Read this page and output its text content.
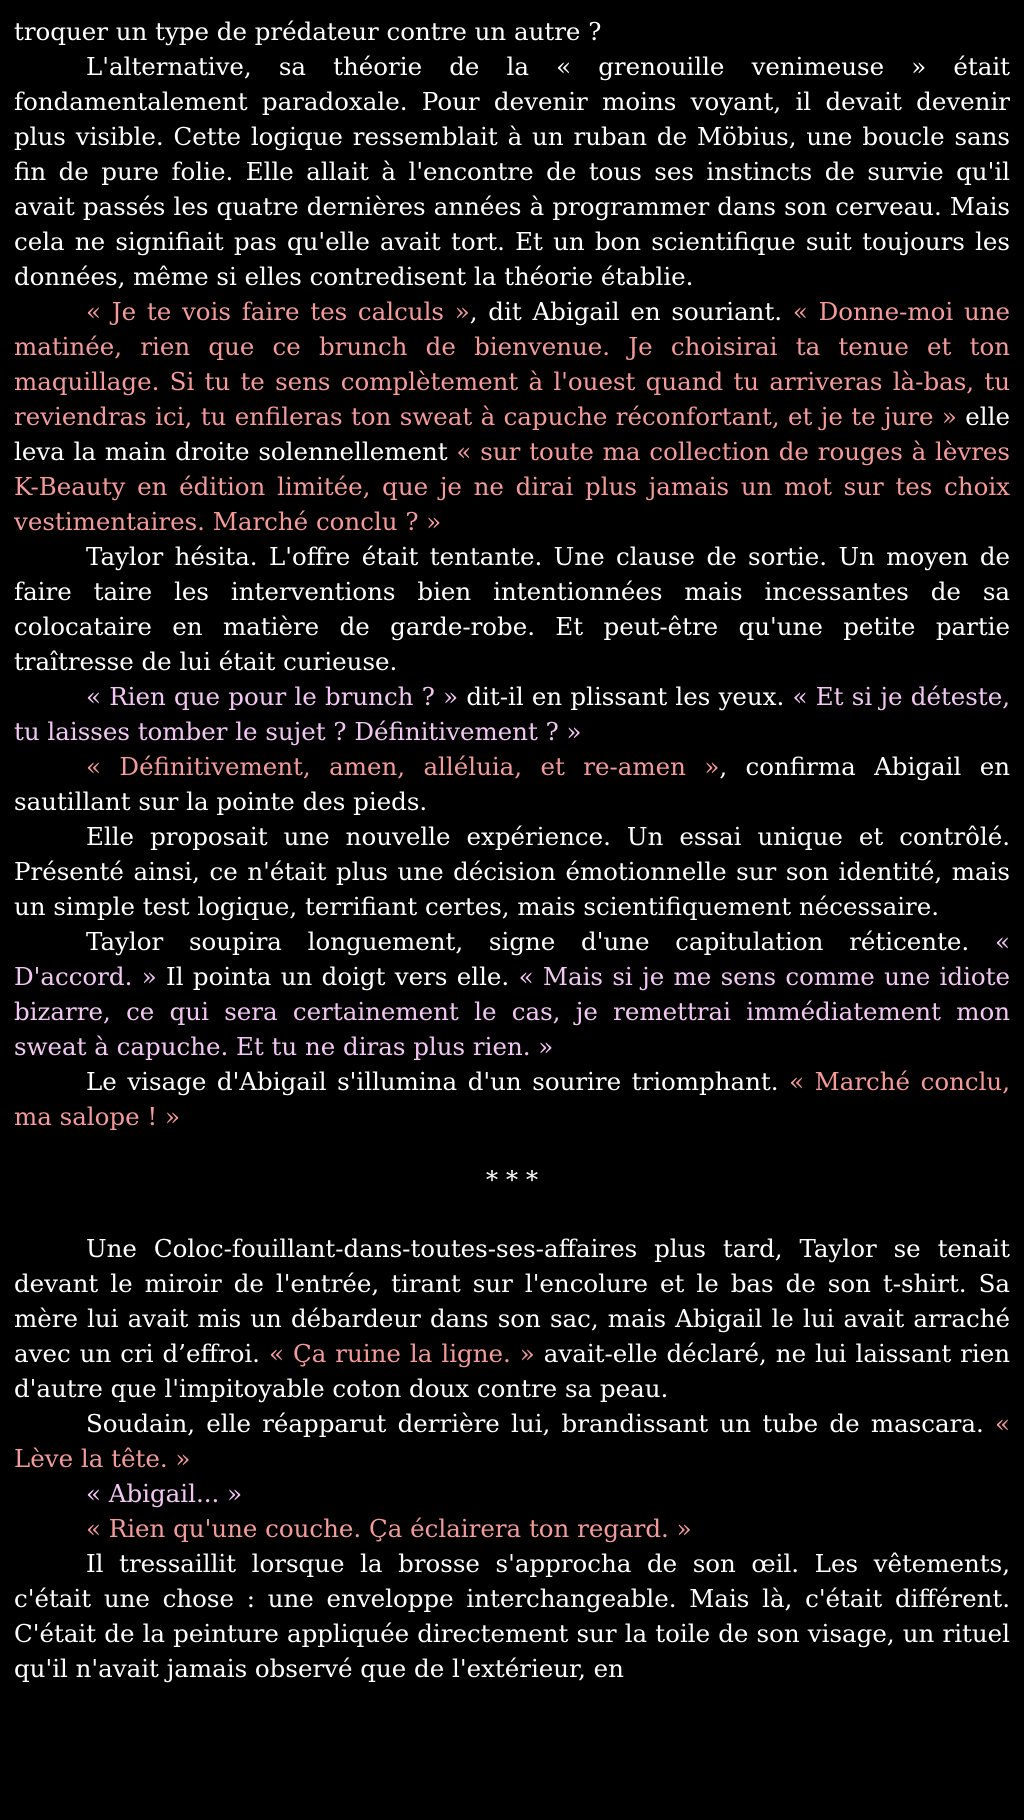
troquer un type de prédateur contre un autre ?

L'alternative, sa théorie de la « grenouille venimeuse » était fondamentalement paradoxale. Pour devenir moins voyant, il devait devenir plus visible. Cette logique ressemblait à un ruban de Möbius, une boucle sans fin de pure folie. Elle allait à l'encontre de tous ses instincts de survie qu'il avait passés les quatre dernières années à programmer dans son cerveau. Mais cela ne signifiait pas qu'elle avait tort. Et un bon scientifique suit toujours les données, même si elles contredisent la théorie établie.

« Je te vois faire tes calculs », dit Abigail en souriant. « Donne-moi une matinée, rien que ce brunch de bienvenue. Je choisirai ta tenue et ton maquillage. Si tu te sens complètement à l'ouest quand tu arriveras là-bas, tu reviendras ici, tu enfileras ton sweat à capuche réconfortant, et je te jure » elle leva la main droite solennellement « sur toute ma collection de rouges à lèvres K-Beauty en édition limitée, que je ne dirai plus jamais un mot sur tes choix vestimentaires. Marché conclu ? »

Taylor hésita. L'offre était tentante. Une clause de sortie. Un moyen de faire taire les interventions bien intentionnées mais incessantes de sa colocataire en matière de garde-robe. Et peut-être qu'une petite partie traîtresse de lui était curieuse.

« Rien que pour le brunch ? » dit-il en plissant les yeux. « Et si je déteste, tu laisses tomber le sujet ? Définitivement ? »

« Définitivement, amen, alléluia, et re-amen », confirma Abigail en sautillant sur la pointe des pieds.

Elle proposait une nouvelle expérience. Un essai unique et contrôlé. Présenté ainsi, ce n'était plus une décision émotionnelle sur son identité, mais un simple test logique, terrifiant certes, mais scientifiquement nécessaire.

Taylor soupira longuement, signe d'une capitulation réticente. « D'accord. » Il pointa un doigt vers elle. « Mais si je me sens comme une idiote bizarre, ce qui sera certainement le cas, je remettrai immédiatement mon sweat à capuche. Et tu ne diras plus rien. »

Le visage d'Abigail s'illumina d'un sourire triomphant. « Marché conclu, ma salope ! »

* * *

Une Coloc-fouillant-dans-toutes-ses-affaires plus tard, Taylor se tenait devant le miroir de l'entrée, tirant sur l'encolure et le bas de son t-shirt. Sa mère lui avait mis un débardeur dans son sac, mais Abigail le lui avait arraché avec un cri d’effroi. « Ça ruine la ligne. » avait-elle déclaré, ne lui laissant rien d'autre que l'impitoyable coton doux contre sa peau.

Soudain, elle réapparut derrière lui, brandissant un tube de mascara. « Lève la tête. »

« Abigail... »

« Rien qu'une couche. Ça éclairera ton regard. »

Il tressaillit lorsque la brosse s'approcha de son œil. Les vêtements, c'était une chose : une enveloppe interchangeable. Mais là, c'était différent. C'était de la peinture appliquée directement sur la toile de son visage, un rituel qu'il n'avait jamais observé que de l'extérieur, en
